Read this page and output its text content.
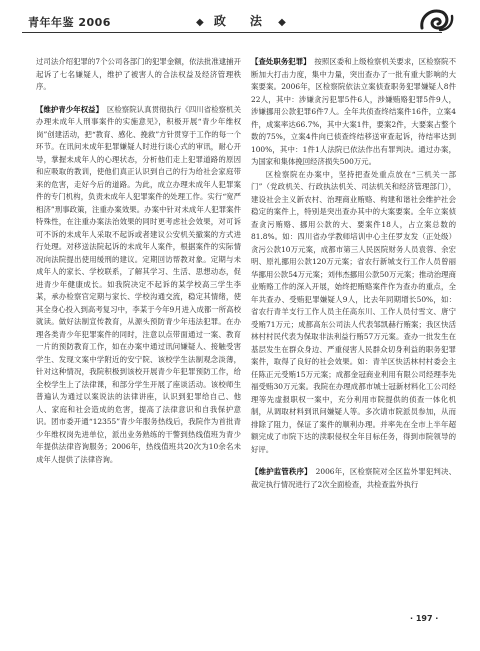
青年年鉴 2006	◆ 政　法 ◆

过司法介绍犯罪的7个公司各部门的犯罪金额，依法批准逮捕开起诉了七名嫌疑人，维护了被害人的合法权益及经济管理秩序。

【维护青少年权益】　 区检察院认真贯彻执行《四川省检察机关办理未成年人刑事案件的实施意见》，积极开展“青少年维权岗”创建活动，把“教育、感化、挽救”方针贯穿于工作的每一个环节。在讯问未成年犯罪嫌疑人时进行谈心式的审讯，耐心开导，掌握未成年人的心理状态，分析他们走上犯罪道路的原因和应吸取的教训，使他们真正认识到自己的行为给社会家庭带来的危害，走好今后的道路。为此，成立办理未成年人犯罪案件的专门机构，负责未成年人犯罪案件的处理工作。实行“宽严相济”刑事政策，注重办案效果。办案中针对未成年人犯罪案件特殊性，在注重办案法治效果的同时更考虑社会效果，对可诉可不诉的未成年人采取不起诉或者建议公安机关撤案的方式进行处理。对移送法院起诉的未成年人案件，根据案件的实际情况向法院提出使用缓刑的建议。定期回访帮教对象。定期与未成年人的家长、学校联系，了解其学习、生活、思想动态，促进青少年健康成长。如我院决定不起诉的某学校高三学生李某，承办检察官定期与家长、学校沟通交流，稳定其情绪，使其全身心投入到高考复习中，李某于今年9月进入成都一所高校就读。做好法制宣传教育，从源头预防青少年违法犯罪。在办理各类青少年犯罪案件的同时，注意以点带面通过一案、教育一片的预防教育工作，如在办案中通过讯问嫌疑人、接触受害学生、发现文案中学附近的安宁院、该校学生法制观念淡薄，针对这种情况，我院积极到该校开展青少年犯罪预防工作，给全校学生上了法律课，和部分学生开展了座谈活动。该校师生普遍认为通过以案说法的法律讲座，认识到犯罪给自己、他人、家庭和社会造成的危害，提高了法律意识和自我保护意识。团市委开通“12355”青少年服务热线后，我院作为首批青少年维权岗先进单位，派出业务熟练的干警到热线值班为青少年提供法律咨询服务；2006年，热线值班共20次为10余名未成年人提供了法律咨询。

【查处职务犯罪】　 按照区委和上级检察机关要求，区检察院不断加大打击力度，集中力量，突出查办了一批有重大影响的大案要案。2006年，区检察院依法立案侦查职务犯罪嫌疑人8件22人，其中：涉嫌贪污犯罪5件6人，涉嫌贿赂犯罪5件9人，涉嫌挪用公款犯罪6件7人。全年共侦查终结案件16件，立案4件，成案率达66.7%，其中大案1件，要案2件，大要案占整个数的75%，立案4件向已侦查终结移送审查起诉，待结率达到100%，其中：1件1人法院已依法作出有罪判决。通过办案，为国家和集体挽回经济损失500万元。

区检察院在办案中，坚持把查处重点放在“三机关一部门”（党政机关、行政执法机关、司法机关和经济管理部门），建设社会主义新农村、治理商业贿赂、构建和谐社会维护社会稳定的案件上，特别是突出查办其中的大案要案。全年立案侦查贪污贿赂、挪用公款的大、要案件18人，占立案总数的81.8%。如：四川省办学教师培训中心主任罗友发（正处级）贪污公款10万元案，成都市第三人民医院财务人员袁蓉、余宏明、原礼挪用公款120万元案；省农行新城支行工作人员曾丽华挪用公款54万元案；刘伟杰挪用公款50万元案；推动治理商业贿赂工作的深入开展，始终把贿赂案件作为查办的重点，全年共查办、受贿犯罪嫌疑人9人，比去年同期增长50%，如：省农行青羊支行工作人员主任高东川、工作人员付雪文、唐宁受贿71万元；成都高东公司法人代表邹凯赫行贿案；我区快活林村村民代表为保取非法利益行贿57万元案。查办一批发生在基层发生在群众身边、严重侵害人民群众切身利益的职务犯罪案件，取得了良好的社会效果。如：青羊区快活林村村委会主任陈正元受贿15万元案；成都金冠商业利用有限公司经理李先福受贿30万元案。我院在办理成都市城士冠新材料化工公司经理等先虚报职权一案中，充分利用市院提供的侦查一体化机制，从调取材料到讯问嫌疑人等。多次请市院派员参加，从而排除了阻力，保证了案件的顺利办理。并率先在全市上半年超额完成了市院下达的渎职侵权全年目标任务，得到市院领导的好评。

【维护监管秩序】　 2006年，区检察院对全区监外罪犯判决、裁定执行情况进行了2次全面检查，共检查监外执行

· 197 ·
